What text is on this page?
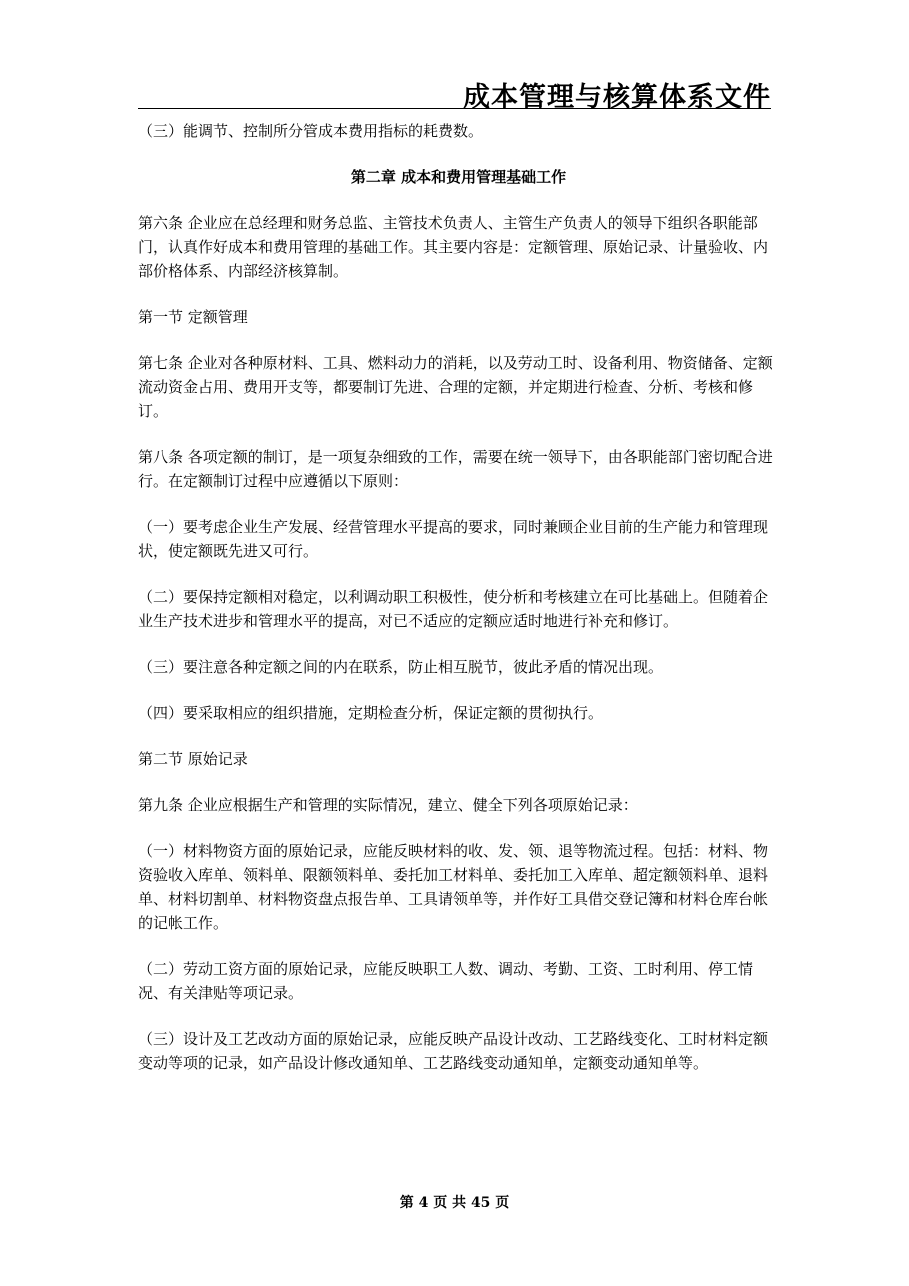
成本管理与核算体系文件

（三）能调节、控制所分管成本费用指标的耗费数。

第二章 成本和费用管理基础工作

第六条 企业应在总经理和财务总监、主管技术负责人、主管生产负责人的领导下组织各职能部门，认真作好成本和费用管理的基础工作。其主要内容是：定额管理、原始记录、计量验收、内部价格体系、内部经济核算制。

第一节 定额管理

第七条 企业对各种原材料、工具、燃料动力的消耗，以及劳动工时、设备利用、物资储备、定额流动资金占用、费用开支等，都要制订先进、合理的定额，并定期进行检查、分析、考核和修订。

第八条 各项定额的制订，是一项复杂细致的工作，需要在统一领导下，由各职能部门密切配合进行。在定额制订过程中应遵循以下原则：

（一）要考虑企业生产发展、经营管理水平提高的要求，同时兼顾企业目前的生产能力和管理现状，使定额既先进又可行。

（二）要保持定额相对稳定，以利调动职工积极性，使分析和考核建立在可比基础上。但随着企业生产技术进步和管理水平的提高，对已不适应的定额应适时地进行补充和修订。

（三）要注意各种定额之间的内在联系，防止相互脱节，彼此矛盾的情况出现。

（四）要采取相应的组织措施，定期检查分析，保证定额的贯彻执行。

第二节 原始记录

第九条 企业应根据生产和管理的实际情况，建立、健全下列各项原始记录：

（一）材料物资方面的原始记录，应能反映材料的收、发、领、退等物流过程。包括：材料、物资验收入库单、领料单、限额领料单、委托加工材料单、委托加工入库单、超定额领料单、退料单、材料切割单、材料物资盘点报告单、工具请领单等，并作好工具借交登记簿和材料仓库台帐的记帐工作。

（二）劳动工资方面的原始记录，应能反映职工人数、调动、考勤、工资、工时利用、停工情况、有关津贴等项记录。

（三）设计及工艺改动方面的原始记录，应能反映产品设计改动、工艺路线变化、工时材料定额变动等项的记录，如产品设计修改通知单、工艺路线变动通知单，定额变动通知单等。

第 4 页 共 45 页
